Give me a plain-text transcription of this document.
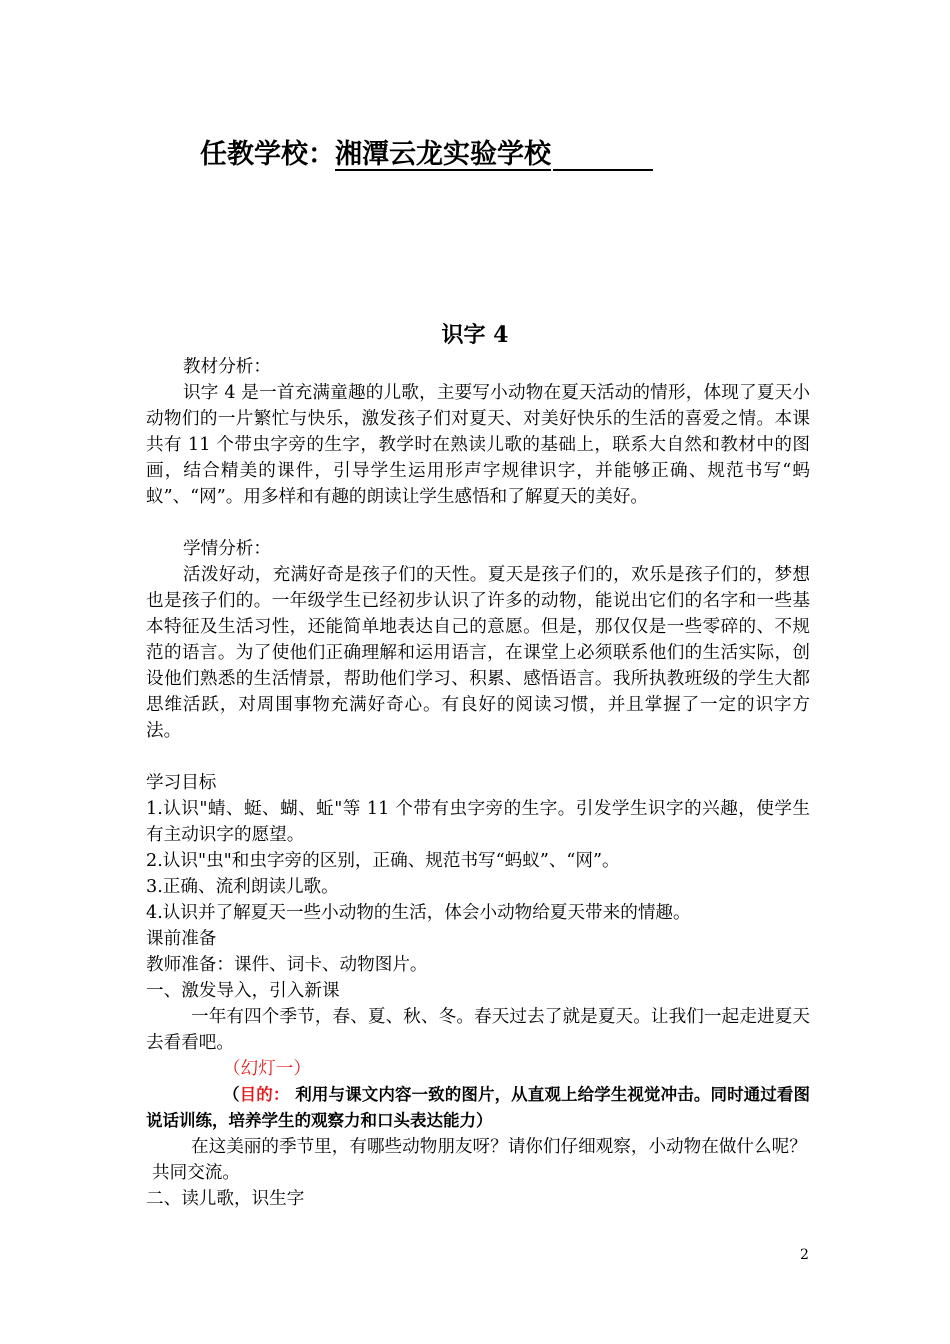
任教学校：湘潭云龙实验学校
识字 4

教材分析：

识字 4 是一首充满童趣的儿歌，主要写小动物在夏天活动的情形，体现了夏天小动物们的一片繁忙与快乐，激发孩子们对夏天、对美好快乐的生活的喜爱之情。本课共有 11 个带虫字旁的生字，教学时在熟读儿歌的基础上，联系大自然和教材中的图画，结合精美的课件，引导学生运用形声字规律识字，并能够正确、规范书写“蚂蚁”、“网”。用多样和有趣的朗读让学生感悟和了解夏天的美好。

学情分析：

活泼好动，充满好奇是孩子们的天性。夏天是孩子们的，欢乐是孩子们的，梦想也是孩子们的。一年级学生已经初步认识了许多的动物，能说出它们的名字和一些基本特征及生活习性，还能简单地表达自己的意愿。但是，那仅仅是一些零碎的、不规范的语言。为了使他们正确理解和运用语言，在课堂上必须联系他们的生活实际，创设他们熟悉的生活情景，帮助他们学习、积累、感悟语言。我所执教班级的学生大都思维活跃，对周围事物充满好奇心。有良好的阅读习惯，并且掌握了一定的识字方法。

学习目标

1.认识"蜻、蜓、蝴、蚯"等 11 个带有虫字旁的生字。引发学生识字的兴趣，使学生有主动识字的愿望。

2.认识"虫"和虫字旁的区别，正确、规范书写“蚂蚁”、“网”。

3.正确、流利朗读儿歌。

4.认识并了解夏天一些小动物的生活，体会小动物给夏天带来的情趣。

课前准备

教师准备：课件、词卡、动物图片。

一、激发导入，引入新课

一年有四个季节，春、夏、秋、冬。春天过去了就是夏天。让我们一起走进夏天去看看吧。

（幻灯一）

（目的： 利用与课文内容一致的图片，从直观上给学生视觉冲击。同时通过看图说话训练，培养学生的观察力和口头表达能力）

在这美丽的季节里，有哪些动物朋友呀？请你们仔细观察，小动物在做什么呢？

共同交流。

二、读儿歌，识生字

2
